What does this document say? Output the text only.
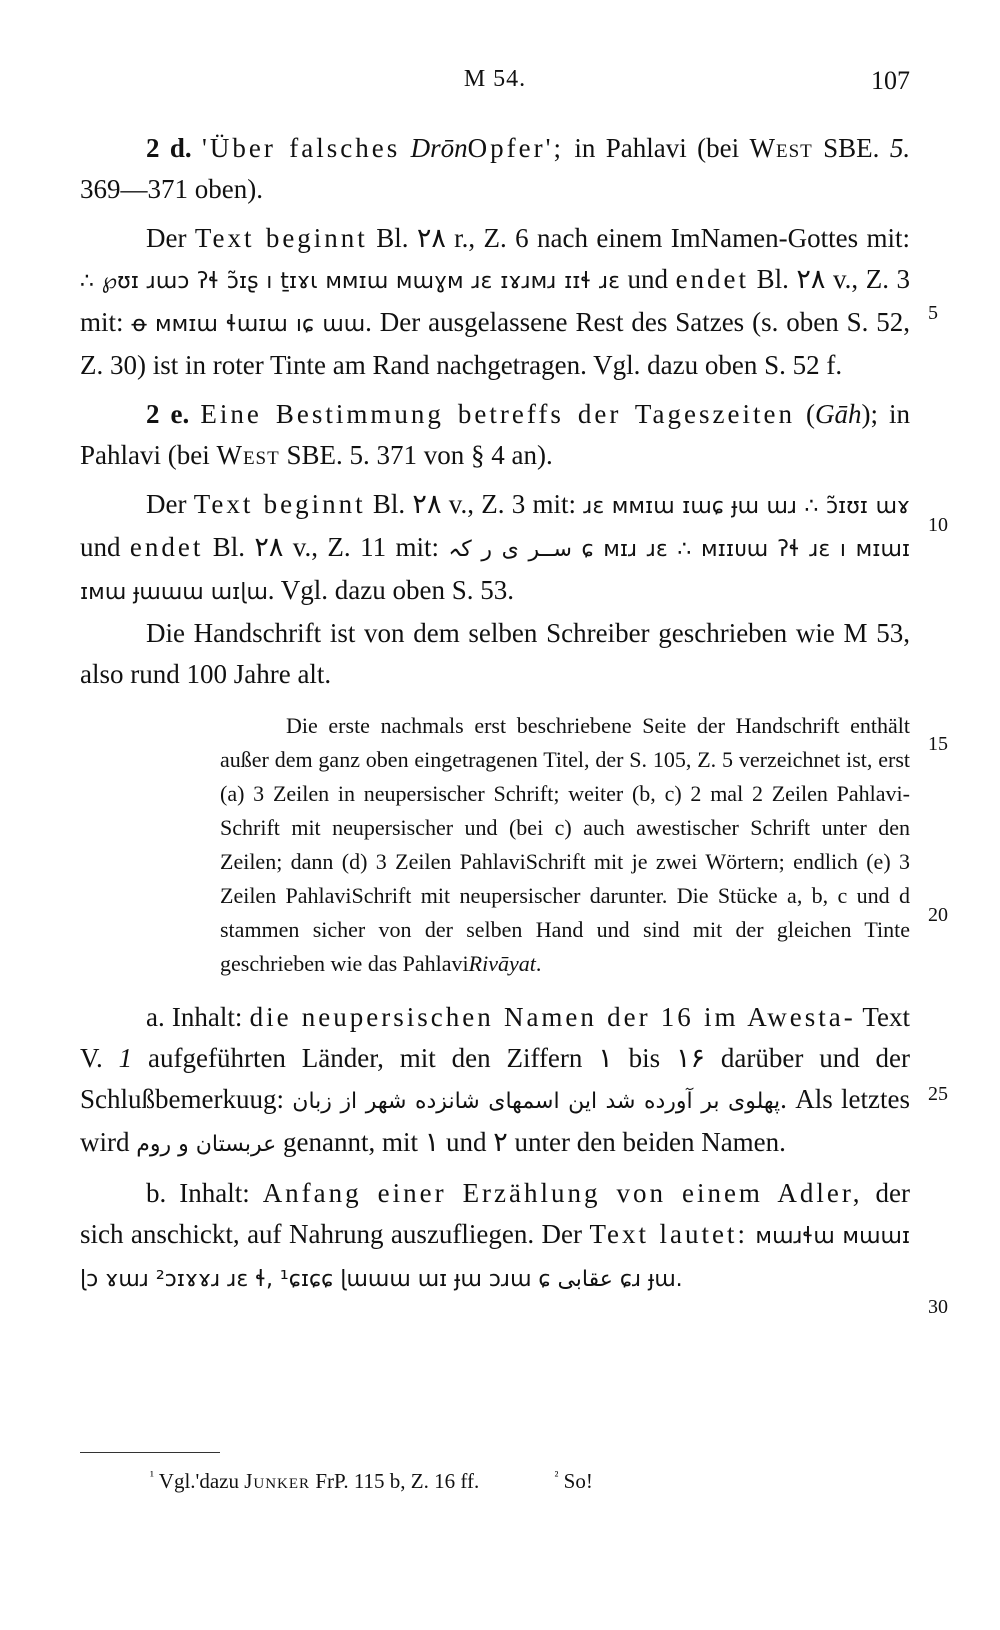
M 54.	107

2 d. 'Über falsches DrōnOpfer'; in Pahlavi (bei West SBE. 5. 369—371 oben).

Der Text beginnt Bl. ۲۸ r., Z. 6 nach einem ImNamen-Gottes mit: ∴ ℘ʊɪ ɹɯɔ ʔɬ ɔ̃ɪʂ ı ṯɪɤɩ ᴍᴍɪɯ ᴍɯɣᴍ ɹɛ ɪɤɹᴍɹ ɪɪɬ ɹɛ und endet Bl. ۲۸ v., Z. 3 mit: ꝋ ᴍᴍɪɯ ɬɯɪɯ ıɕ ɯɯ. Der ausgelassene Rest des Satzes (s. oben S. 52, Z. 30) ist in roter Tinte am Rand nachgetragen. Vgl. dazu oben S. 52 f.

2 e. Eine Bestimmung betreffs der Tageszeiten (Gāh); in Pahlavi (bei West SBE. 5. 371 von § 4 an).

Der Text beginnt Bl. ۲۸ v., Z. 3 mit: ɹɛ ᴍᴍɪɯ ɪɯɕ ɟɯ ɯɹ ∴ ɔ̃ɪʊɪ ɯɤ und endet Bl. ۲۸ v., Z. 11 mit: ســر ی ر کہ ɕ ᴍɪɹ ɹɛ ∴ ᴍɪɪᴜɯ ʔɬ ɹɛ ı ᴍɪɯɪ ɪᴍɯ ɟɯɯɯ ɯɪɭɯ. Vgl. dazu oben S. 53.
Die Handschrift ist von dem selben Schreiber geschrieben wie M 53, also rund 100 Jahre alt.

Die erste nachmals erst beschriebene Seite der Handschrift enthält außer dem ganz oben eingetragenen Titel, der S. 105, Z. 5 verzeichnet ist, erst (a) 3 Zeilen in neupersischer Schrift; weiter (b, c) 2 mal 2 Zeilen Pahlavi-Schrift mit neupersischer und (bei c) auch awestischer Schrift unter den Zeilen; dann (d) 3 Zeilen PahlaviSchrift mit je zwei Wörtern; endlich (e) 3 Zeilen PahlaviSchrift mit neupersischer darunter. Die Stücke a, b, c und d stammen sicher von der selben Hand und sind mit der gleichen Tinte geschrieben wie das PahlaviRivāyat.

a. Inhalt: die neupersischen Namen der 16 im Awesta- Text V. 1 aufgeführten Länder, mit den Ziffern ۱ bis ۱۶ darüber und der Schlußbemerkuug: این اسمهای شانزده شهر از زبان پهلوی بر آورده شد. Als letztes wird عربستان و روم genannt, mit ۱ und ۲ unter den beiden Namen.

b. Inhalt: Anfang einer Erzählung von einem Adler, der sich anschickt, auf Nahrung auszufliegen. Der Text lautet: ᴍɯɹɬɯ ᴍɯɯɪ ɭɔ ɤɯɹ ²ɔɪɤɤɹ ɹɛ ɬ, ¹ɕɪɕɕ ɭɯɯɯ ɯɪ ɟɯ ɔɹɯ ɕ عقابی ɕɹ ɟɯ.

5
10
15
20
25
30
$^{^1}$ Vgl.'dazu Junker FrP. 115 b, Z. 16 ff.	$^{^2}$ So!
